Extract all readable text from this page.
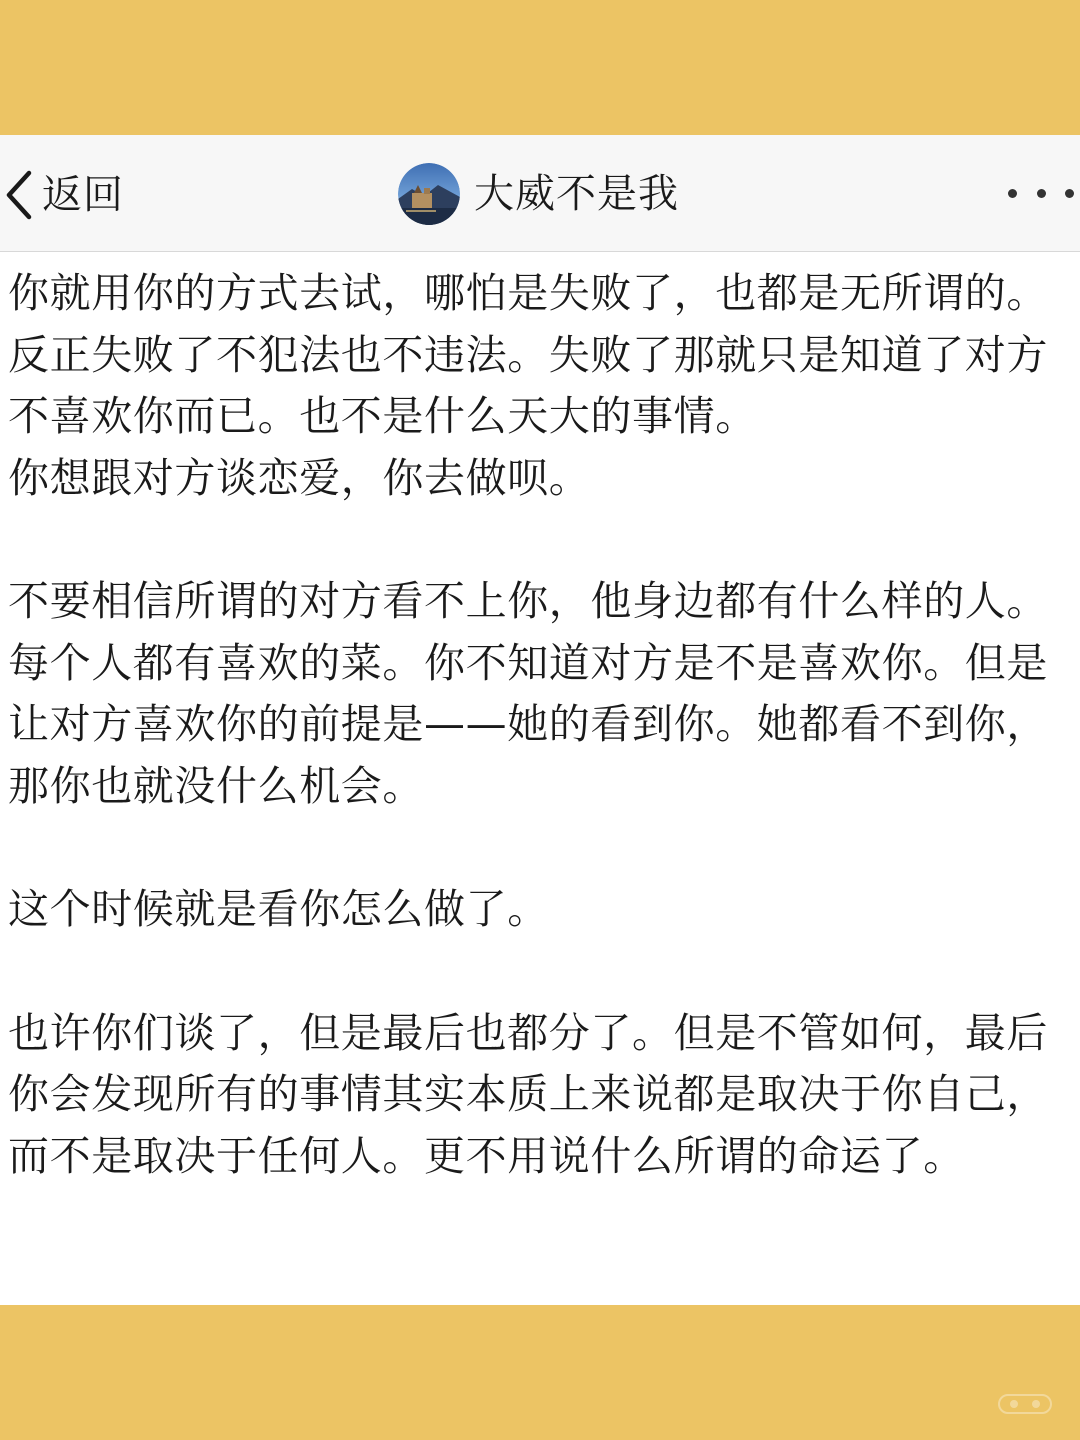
返回	大威不是我

你就用你的方式去试，哪怕是失败了，也都是无所谓的。反正失败了不犯法也不违法。失败了那就只是知道了对方不喜欢你而已。也不是什么天大的事情。
你想跟对方谈恋爱，你去做呗。

不要相信所谓的对方看不上你，他身边都有什么样的人。每个人都有喜欢的菜。你不知道对方是不是喜欢你。但是让对方喜欢你的前提是——她的看到你。她都看不到你，那你也就没什么机会。

这个时候就是看你怎么做了。

也许你们谈了，但是最后也都分了。但是不管如何，最后你会发现所有的事情其实本质上来说都是取决于你自己，而不是取决于任何人。更不用说什么所谓的命运了。
